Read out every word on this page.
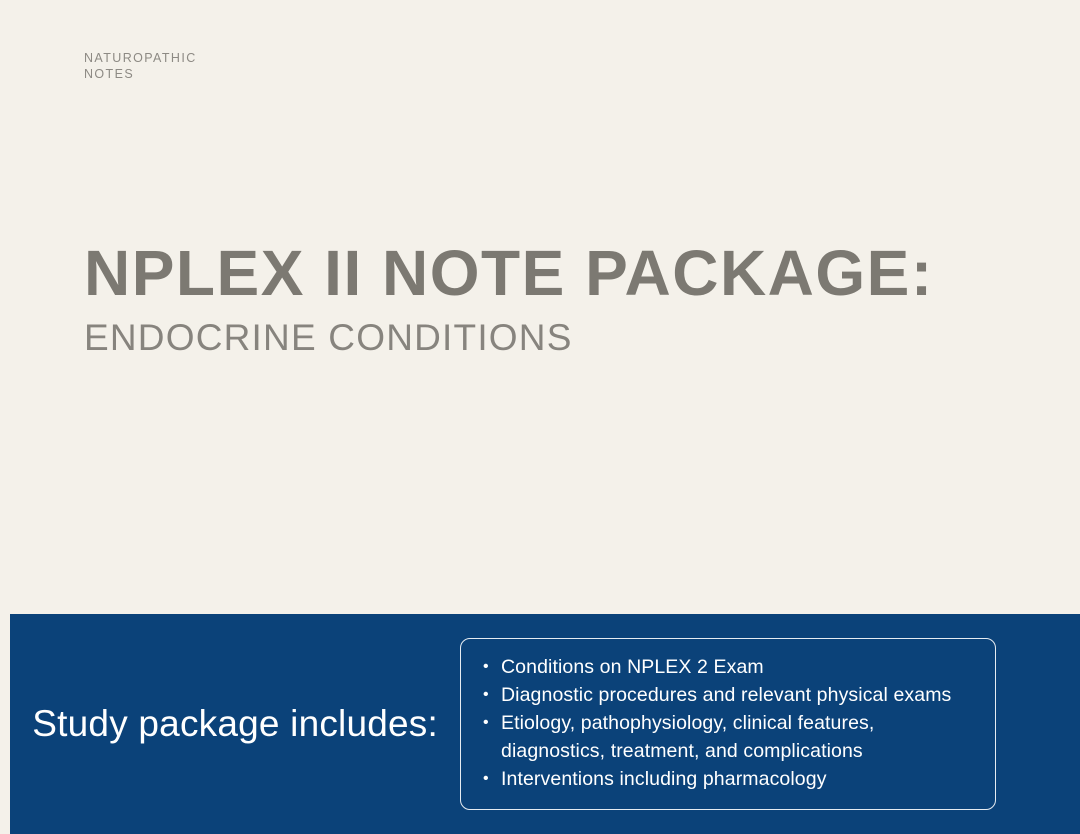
NATUROPATHIC
NOTES
NPLEX II NOTE PACKAGE:
ENDOCRINE CONDITIONS
Study package includes:
• Conditions on NPLEX 2 Exam
• Diagnostic procedures and relevant physical exams
• Etiology, pathophysiology, clinical features, diagnostics, treatment, and complications
• Interventions including pharmacology
